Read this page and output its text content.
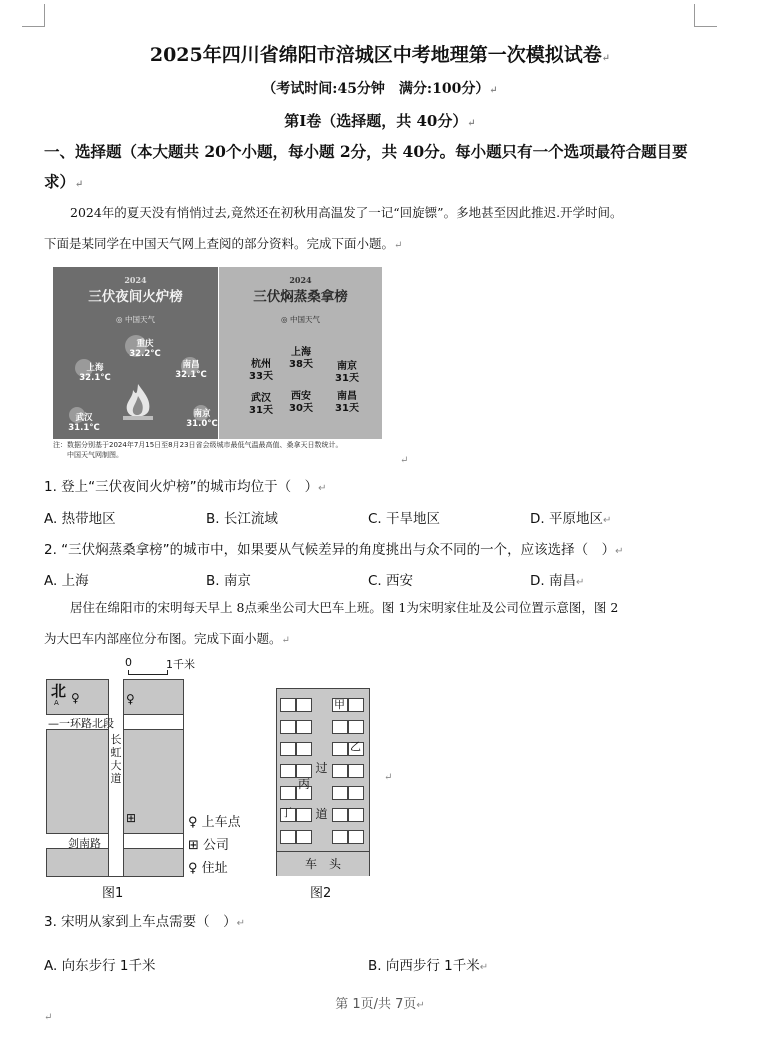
2025年四川省绵阳市涪城区中考地理第一次模拟试卷↵
（考试时间:45分钟　满分:100分）↵
第Ⅰ卷（选择题，共 40分）↵
一、选择题（本大题共 20个小题，每小题 2分，共 40分。每小题只有一个选项最符合题目要
求）↵
2024年的夏天没有悄悄过去,竟然还在初秋用高温发了一记“回旋镖”。多地甚至因此推迟.开学时间。
下面是某同学在中国天气网上查阅的部分资料。完成下面小题。↵
2024
三伏夜间火炉榜
◎ 中国天气
重庆
32.2°C
上海
32.1°C
南昌
32.1°C
武汉
31.1°C
南京
31.0°C
2024
三伏焖蒸桑拿榜
◎ 中国天气
上海
38天
杭州
33天
南京
31天
武汉
31天
西安
30天
南昌
31天
注：数据分别基于2024年7月15日至8月23日省会级城市最低气温最高值、桑拿天日数统计。
中国天气网制图。	↵
1. 登上“三伏夜间火炉榜”的城市均位于（　）↵
A. 热带地区	B. 长江流域	C. 干旱地区	D. 平原地区↵
2. “三伏焖蒸桑拿榜”的城市中，如果要从气候差异的角度挑出与众不同的一个，应该选择（　）↵
A. 上海	B. 南京	C. 西安	D. 南昌↵
居住在绵阳市的宋明每天早上 8点乘坐公司大巴车上班。图 1为宋明家住址及公司位置示意图，图 2
为大巴车内部座位分布图。完成下面小题。↵
0	1千米
北
A ♀	♀
—一环路北段
长虹大道
⊞
剑南路
♀ 上车点
⊞ 公司
♀ 住址
图1
甲
乙
丙
丁
过道
车　头
↵
图2
3. 宋明从家到上车点需要（　）↵
A. 向东步行 1千米	B. 向西步行 1千米↵
第 1页/共 7页↵
↵
